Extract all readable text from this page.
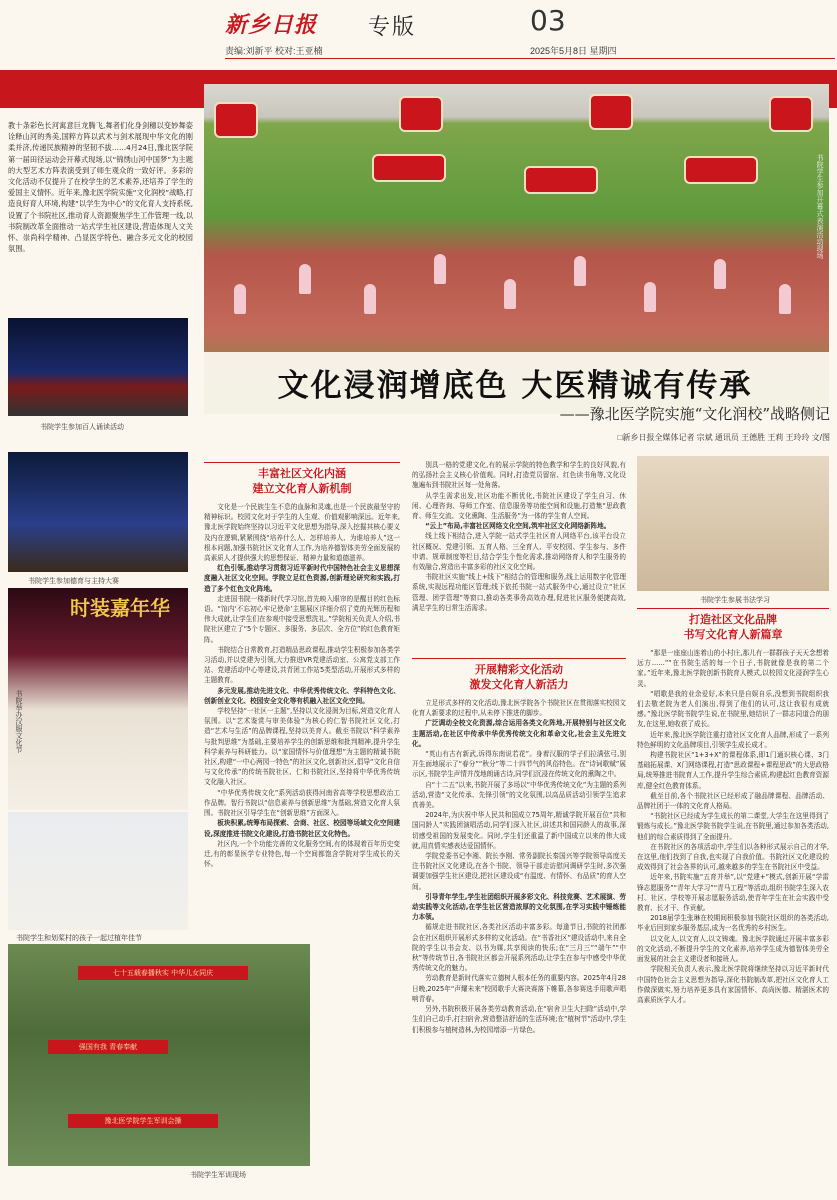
新乡日报 专版	03
责编:刘新平 校对:王亚楠	2025年5月8日 星期四
书院学生参加开幕式表演活动现场
教十条彩色长河寓意巨龙腾飞,舞者们化身剑穗以变妙舞姿诠释山河的秀美,国粹方阵以武术与剑术展现中华文化的刚柔并济,传递民族精神的坚韧不拔……4月24日,豫北医学院第一届田径运动会开幕式现场,以“锦绣山河中国梦”为主题的大型艺术方阵表演受到了师生观众的一致好评。多彩的文化活动不仅提升了在校学生的艺术素养,还培养了学生的爱国主义情怀。近年来,豫北医学院实施“文化润校”战略,打造良好育人环境,构建“以学生为中心”的文化育人支持系统,设置了个书院社区,推动育人资源聚焦学生工作管理一线,以书院制改革全面推动一站式学生社区建设,营造体现人文关怀、崇尚科学精神、凸显医学特色、融合多元文化的校园氛围。
文化浸润增底色 大医精诚有传承
——豫北医学院实施“文化润校”战略侧记
□新乡日报全媒体记者 宗斌 通讯员 王德胜 王莉 王玲玲 文/图
书院学生参加百人诵读活动
书院学生参加德育与主持大赛
时装嘉年华
书院举办汉服文化节
书院学生和划桨村的孩子一起过植年佳节
七十五载春播秋实 中华儿女同庆
强国有我 青春奉献
豫北医学院学生军训会操
书院学生军训现场
书院学生参展书法学习
丰富社区文化内涵
建立文化育人新机制

文化是一个民族生生不息的血脉和灵魂,也是一个民族最坚守的精神标识。校园文化对于学生的人生观、价值观影响深远。近年来,豫北医学院始终坚持以习近平文化思想为指导,深入挖掘其核心要义及内在逻辑,紧紧围绕“培养什么人、怎样培养人、为谁培养人”这一根本问题,加强书院社区文化育人工作,为培养德智体美劳全面发展的高素质人才提供强大的思想保证、精神力量和道德滋养。

红色引领,推动学习贯彻习近平新时代中国特色社会主义思想深度融入社区文化空间。学院立足红色资源,创新理论研究和实践,打造了多个红色文化阵地。

走进国书院一楼新时代学习馆,首先映入眼帘的是醒目的红色标语。“馆内‘不忘初心牢记使命’主题展区详细介绍了党的光辉历程和伟大成就,让学生们在参观中接受思想洗礼。”学院相关负责人介绍,书院社区建立了“5个专题区、多服务、多层次、全方位”的红色教育矩阵。

书院结合日常教育,打造精品思政课程,推动学生积极参加各类学习活动,并以党建为引领,大力推进VR党建活动室、公寓党支部工作站、党建活动中心等建设,共青团工作站5类型活动,开展形式多样的主题教育。

多元发展,推动先进文化、中华优秀传统文化、学科特色文化、创新创业文化、校园安全文化等有机融入社区文化空间。

学校坚持“一社区一主题”,坚持以文化浸润为目标,营造文化育人氛围。以“艺术鉴赏与审美体验”为核心的仁智书院社区文化,打造“艺术与生活”的品牌课程,坚持以美育人。截至书院以“科学素养与批判思维”为基础,主要培养学生的创新思维和批判精神,提升学生科学素养与科研能力。以“家国情怀与价值理想”为主题的精诚书院社区,构建“一中心两园一特色”的社区文化,创新社区,倡导“文化自信与文化传承”的传统书院社区、仁和书院社区,坚持将中华优秀传统文化融入社区。

“中华优秀传统文化”系列活动获得河南省高等学校思想政治工作品牌。智行书院以“信息素养与创新思维”为基础,营造文化育人氛围。书院社区引导学生在“创新思维”方面深入。

板块积累,统筹布局探索、会商、社区、校园等场域文化空间建设,深度推进书院文化建设,打造书院社区文化特色。

社区内,一个个功能完善的文化服务空间,有的体现着百年历史变迁,有的彰显医学专业特色,每一个空间都饱含学院对学生成长的关怀。

别具一格的党建文化,有的展示学院的特色教学和学生的良好风貌,有的弘扬社会主义核心价值观。同时,打造党员留宿、红色读书角等,文化设施遍布到书院社区每一处角落。

从学生需求出发,社区功能不断优化,书院社区建设了学生自习、休闲、心理咨询、导师工作室、信息服务等功能空间和设施,打造集“思政教育、师生交流、文化熏陶、生活服务”为一体的学生育人空间。

“云上”布局,丰富社区网络文化空间,筑牢社区文化网络新阵地。

线上线下相结合,进入学院一站式学生社区育人网络平台,该平台设立社区概况、党建引领、五育人格、三全育人、平安校园、学生参与、多件申请、规章制度等栏目,结合学生个性化需求,推动网络育人和学生服务的有效融合,营造出丰富多彩的社区文化空间。

书院社区实施“线上+线下”相结合的管理和服务,线上运用数字化管理系统,实现远程功能区管理;线下依托书院一站式服务中心,通过设立“社区管理、团学管理”等窗口,推动各类事务高效办理,促进社区服务便捷高效,满足学生的日常生活需求。

开展精彩文化活动
激发文化育人新活力

立足形式多样的文化活动,豫北医学院各个书院社区在贯彻落实校园文化育人新要求的过程中,从未停下推进的脚步。

广泛调动全校文化资源,综合运用各类文化阵地,开展特别与社区文化主题活动,在社区中传承中华优秀传统文化和革命文化,社会主义先进文化。

“英山有古有新武,诉得东南说若花”。身着汉服的学子们拉满弦弓,别开生面地展示了“春分”“秋分”等二十四节气的风俗特色。在“诗词歌赋”展示区,书院学生声情并茂地朗诵古诗,同学们沉浸在传统文化的熏陶之中。

自“十二五”以来,书院开展了多场以“中华优秀传统文化”为主题的系列活动,营造“文化传承、先锋引领”的文化氛围,以高品质活动引领学生追求真善美。

2024年,为庆祝中华人民共和国成立75周年,精诚学院开展百位“共和国同龄人”实践团演唱活动,同学们深入社区,讲述共和国同龄人的故事,深切感受祖国的发展变化。同时,学生们还重温了新中国成立以来的伟大成就,用真情实感表达爱国情怀。

学院党委书记李湘、院长李刚、常务副院长秦国兴等学院领导高度关注书院社区文化建设,在各个书院、领导干部走访慰问调研学生时,多次强调要加强学生社区建设,把社区建设成“有温度、有情怀、有品质”的育人空间。

引导青年学生,学生社团组织开展多彩文化、科技竞赛、艺术展演、劳动实践等文化活动,在学生社区营造浓厚的文化氛围,在学习实践中锤炼能力本领。

循规走进书院社区,各类社区活动丰富多彩。每逢节日,书院的社团都会在社区组织开展形式多样的文化活动。在“书香社区”建设活动中,来自全院的学生以书会友、以书为媒,共享阅读的快乐;在“三月三”“端午”“中秋”等传统节日,各书院社区都会开展系列活动,让学生在参与中感受中华优秀传统文化的魅力。

劳动教育是新时代落实立德树人根本任务的重要内容。2025年4月28日晚,2025年“声耀未来”校园歌手大赛决赛落下帷幕,各参赛选手用歌声唱响青春。

另外,书院积极开展各类劳动教育活动,在“宿舍卫生大扫除”活动中,学生们自己动手,打扫宿舍,营造整洁舒适的生活环境;在“植树节”活动中,学生们积极参与植树造林,为校园增添一片绿色。

打造社区文化品牌
书写文化育人新篇章

“那是一座座山连着山的小村庄,那儿有一群群孩子天天念想着远方……”“在书院生活的每一个日子,书院就像是我的第二个家。”近年来,豫北医学院创新书院育人模式,以校园文化浸润学生心灵。

“唱歌是我的业余爱好,本来只是自娱自乐,没想到书院组织我们去敬老院为老人们演出,得到了他们的认可,这让我很有成就感。”豫北医学院书院学生说,在书院里,她结识了一群志同道合的朋友,在这里,她收获了成长。

近年来,豫北医学院注重打造社区文化育人品牌,形成了一系列特色鲜明的文化品牌项目,引领学生成长成才。

构建书院社区“1+3+X”的课程体系,即1门通识核心课、3门基础拓展课、X门网络课程,打造“思政课程+课程思政”的大思政格局,统筹推进书院育人工作,提升学生综合素质,构建起红色教育资源库,健全红色教育体系。

截至目前,各个书院社区已经形成了融品牌课程、品牌活动、品牌社团于一体的文化育人格局。

“书院社区已经成为学生成长的第二课堂,大学生在这里得到了锻炼与成长。”豫北医学院书院学生说,在书院里,通过参加各类活动,他们的综合素质得到了全面提升。

在书院社区的各项活动中,学生们以各种形式展示自己的才华,在这里,他们找到了自我,也实现了自我价值。书院社区文化建设的成效得到了社会各界的认可,越来越多的学生在书院社区中受益。

近年来,书院实施“五育并举”,以“党建+”模式,创新开展“学雷锋志愿服务”“青年大学习”“青马工程”等活动,组织书院学生深入农村、社区、学校等开展志愿服务活动,使青年学生在社会实践中受教育、长才干、作贡献。

2018届学生张琳在校期间积极参加书院社区组织的各类活动,毕业后回到家乡服务基层,成为一名优秀的乡村医生。

以文化人,以文育人,以文铸魂。豫北医学院通过开展丰富多彩的文化活动,不断提升学生的文化素养,培养学生成为德智体美劳全面发展的社会主义建设者和接班人。

学院相关负责人表示,豫北医学院将继续坚持以习近平新时代中国特色社会主义思想为指导,深化书院制改革,把社区文化育人工作做深做实,努力培养更多具有家国情怀、高尚医德、精湛医术的高素质医学人才。
